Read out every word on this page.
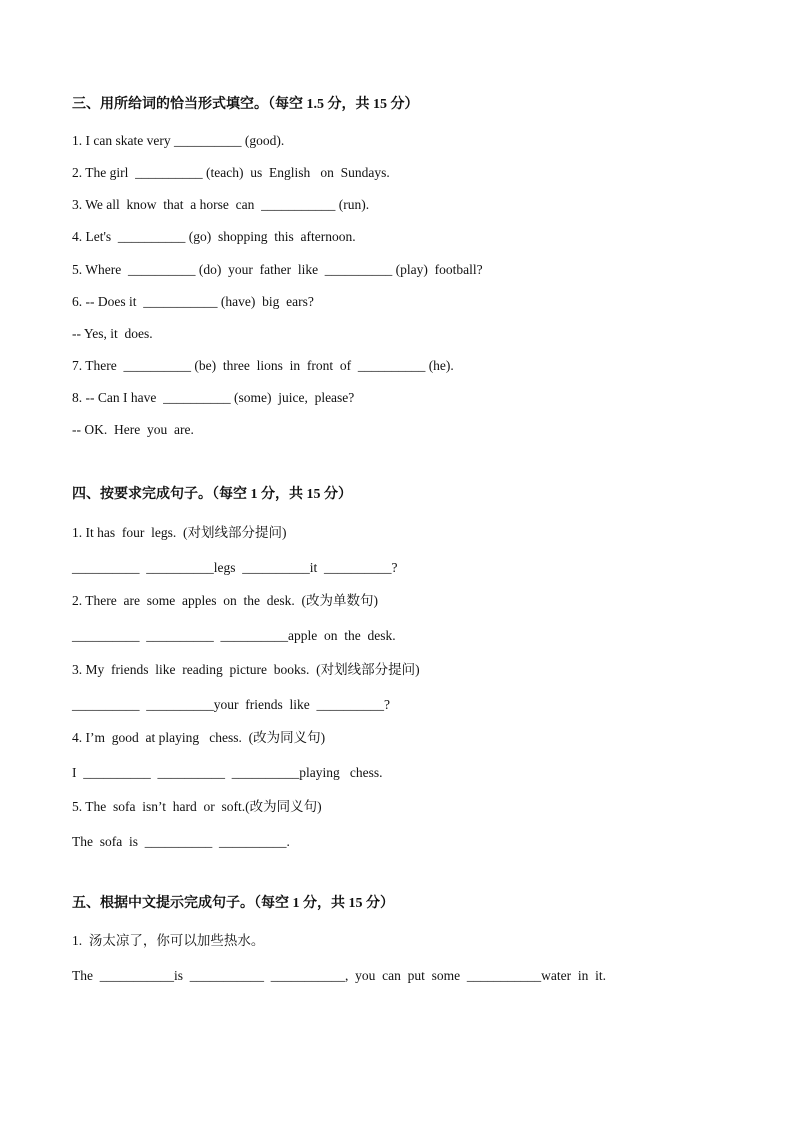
三、用所给词的恰当形式填空。（每空 1.5 分，共 15 分）
1. I can skate very __________ (good).
2. The girl  __________ (teach)  us  English   on  Sundays.
3. We all  know  that  a horse  can  ___________ (run).
4. Let's  __________ (go)  shopping  this  afternoon.
5. Where  __________ (do)  your  father  like  __________ (play)  football?
6. -- Does it  ___________ (have)  big  ears?
-- Yes, it  does.
7. There  __________ (be)  three  lions  in  front  of  __________ (he).
8. -- Can I have  __________ (some)  juice,  please?
-- OK.  Here  you  are.
四、按要求完成句子。（每空 1 分，共 15 分）
1. It has  four  legs.  (对划线部分提问)
__________  __________legs  __________it  __________?
2. There  are  some  apples  on  the  desk.  (改为单数句)
__________  __________  __________apple  on  the  desk.
3. My  friends  like  reading  picture  books.  (对划线部分提问)
__________  __________your  friends  like  __________?
4. I’m  good  at playing   chess.  (改为同义句)
I  __________  __________  __________playing   chess.
5. The  sofa  isn’t  hard  or  soft.(改为同义句)
The  sofa  is  __________  __________.
五、根据中文提示完成句子。（每空 1 分，共 15 分）
1.  汤太凉了，你可以加些热水。
The  ___________is  ___________  ___________,  you  can  put  some  ___________water  in  it.
